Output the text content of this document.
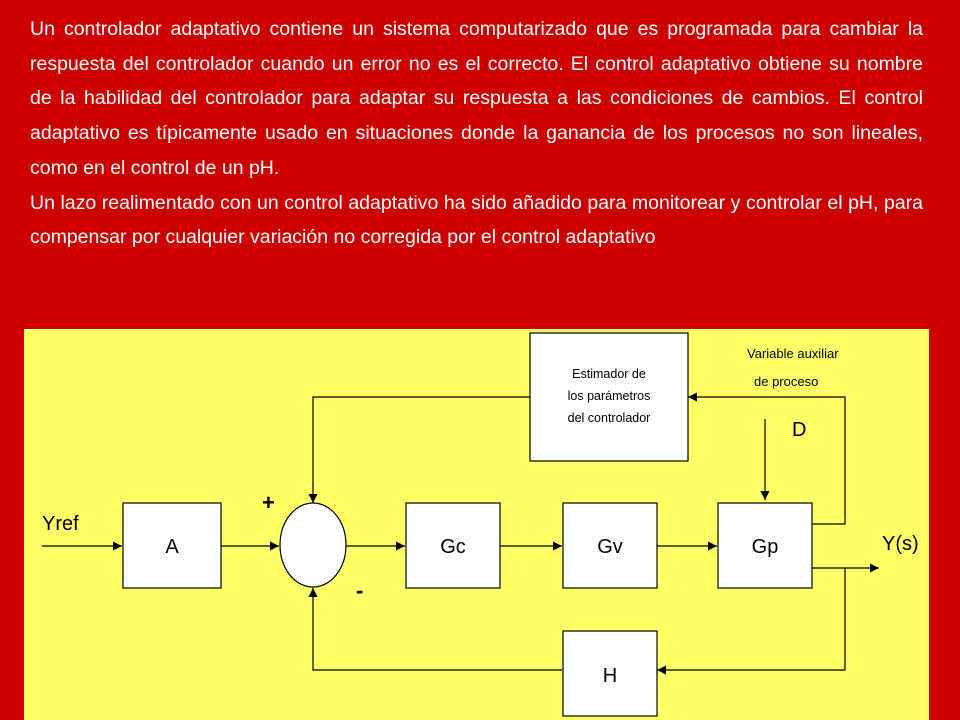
Un controlador adaptativo contiene un sistema computarizado que es programada para cambiar la respuesta del controlador cuando un error no es el correcto. El control adaptativo obtiene su nombre de la habilidad del controlador para adaptar su respuesta a las condiciones de cambios. El control adaptativo es típicamente usado en situaciones donde la ganancia de los procesos no son lineales, como en el control de un pH.

Un lazo realimentado con un control adaptativo ha sido añadido para monitorear y controlar el pH, para compensar por cualquier variación no corregida por el control adaptativo

A	Gc	Gv	Gp
H
Estimador de
los parámetros
del controlador
Yref
Y(s)
+
-
D
Variable auxiliar
de proceso
